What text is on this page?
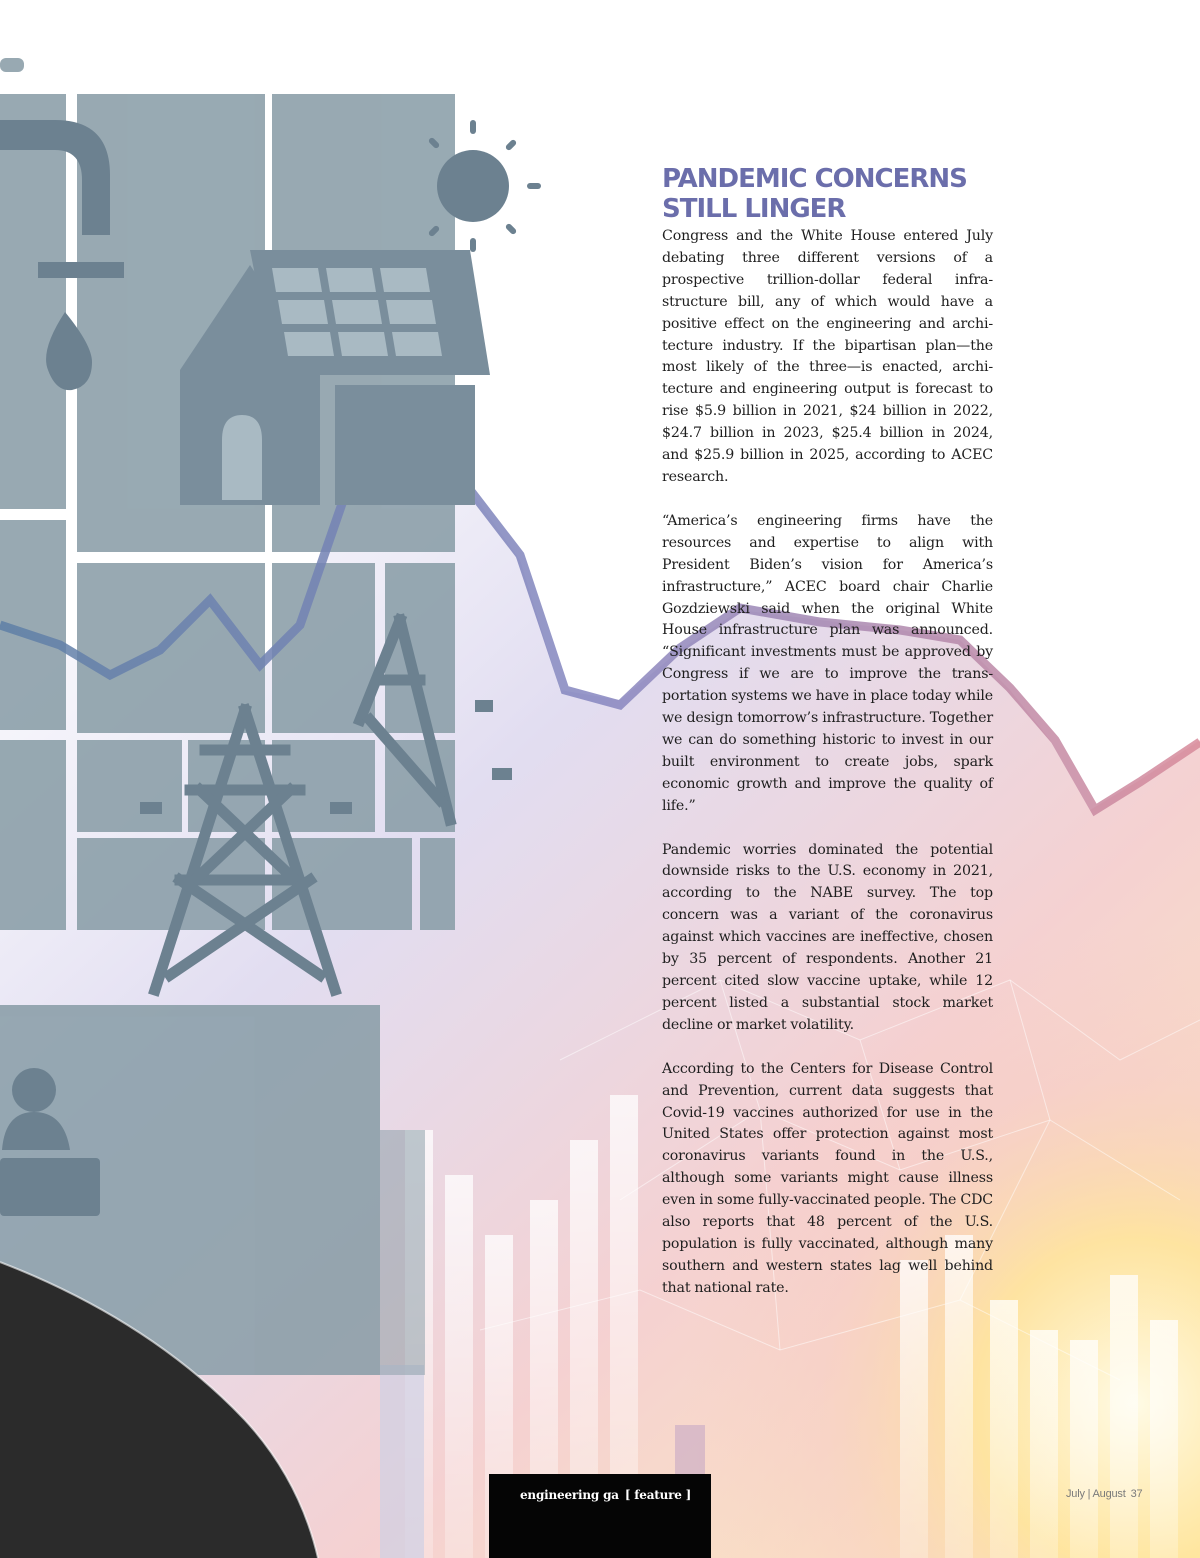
PANDEMIC CONCERNS
STILL LINGER

Congress and the White House entered July debating three different versions of a prospective trillion-dollar federal infra-structure bill, any of which would have a positive effect on the engineering and archi-tecture industry. If the bipartisan plan—the most likely of the three—is enacted, archi-tecture and engineering output is forecast to rise $5.9 billion in 2021, $24 billion in 2022, $24.7 billion in 2023, $25.4 billion in 2024, and $25.9 billion in 2025, according to ACEC research.

“America’s engineering firms have the resources and expertise to align with President Biden’s vision for America’s infrastructure,” ACEC board chair Charlie Gozdziewski said when the original White House infrastructure plan was announced. “Significant investments must be approved by Congress if we are to improve the trans-portation systems we have in place today while we design tomorrow’s infrastructure. Together we can do something historic to invest in our built environment to create jobs, spark economic growth and improve the quality of life.”

Pandemic worries dominated the potential downside risks to the U.S. economy in 2021, according to the NABE survey. The top concern was a variant of the coronavirus against which vaccines are ineffective, chosen by 35 percent of respondents. Another 21 percent cited slow vaccine uptake, while 12 percent listed a substantial stock market decline or market volatility.

According to the Centers for Disease Control and Prevention, current data suggests that Covid-19 vaccines authorized for use in the United States offer protection against most coronavirus variants found in the U.S., although some variants might cause illness even in some fully-vaccinated people. The CDC also reports that 48 percent of the U.S. population is fully vaccinated, although many southern and western states lag well behind that national rate.

engineering ga [ feature ]	July | August 37
